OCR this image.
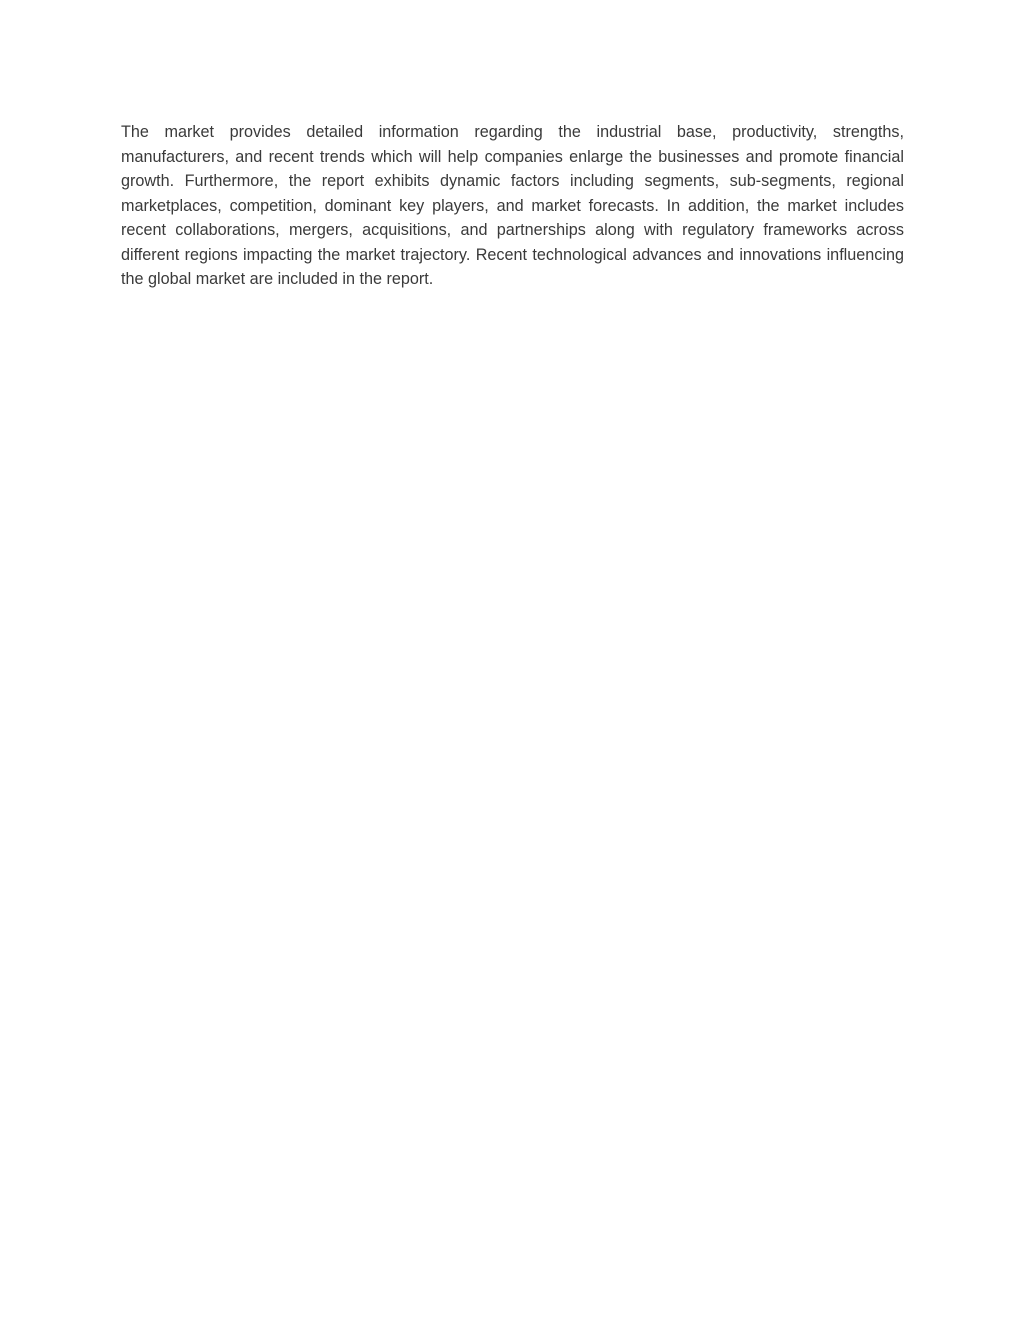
The market provides detailed information regarding the industrial base, productivity, strengths, manufacturers, and recent trends which will help companies enlarge the businesses and promote financial growth. Furthermore, the report exhibits dynamic factors including segments, sub-segments, regional marketplaces, competition, dominant key players, and market forecasts. In addition, the market includes recent collaborations, mergers, acquisitions, and partnerships along with regulatory frameworks across different regions impacting the market trajectory. Recent technological advances and innovations influencing the global market are included in the report.
